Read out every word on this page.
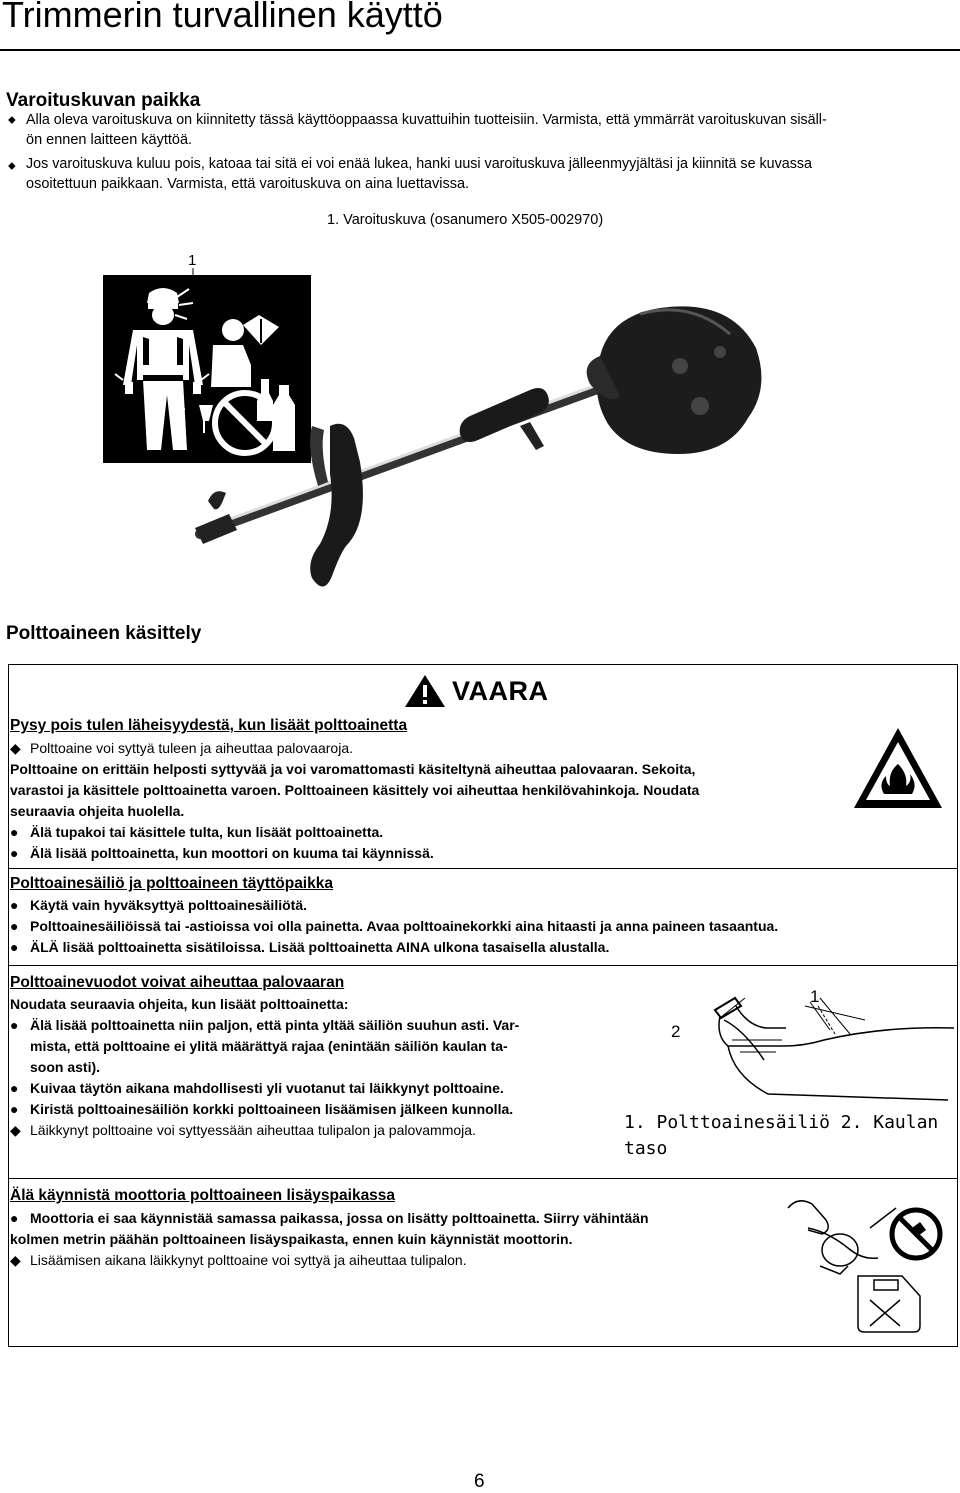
Trimmerin turvallinen käyttö
Varoituskuvan paikka
⬥ Alla oleva varoituskuva on kiinnitetty tässä käyttöoppaassa kuvattuihin tuotteisiin. Varmista, että ymmärrät varoituskuvan sisäll-
ön ennen laitteen käyttöä.
⬥ Jos varoituskuva kuluu pois, katoaa tai sitä ei voi enää lukea, hanki uusi varoituskuva jälleenmyyjältäsi ja kiinnitä se kuvassa
osoitettuun paikkaan. Varmista, että varoituskuva on aina luettavissa.
1. Varoituskuva (osanumero X505-002970)
1
Polttoaineen käsittely
VAARA
Pysy pois tulen läheisyydestä, kun lisäät polttoainetta
◆ Polttoaine voi syttyä tuleen ja aiheuttaa palovaaroja.
Polttoaine on erittäin helposti syttyvää ja voi varomattomasti käsiteltynä aiheuttaa palovaaran. Sekoita,
varastoi ja käsittele polttoainetta varoen. Polttoaineen käsittely voi aiheuttaa henkilövahinkoja. Noudata
seuraavia ohjeita huolella.
● Älä tupakoi tai käsittele tulta, kun lisäät polttoainetta.
● Älä lisää polttoainetta, kun moottori on kuuma tai käynnissä.
Polttoainesäiliö ja polttoaineen täyttöpaikka
● Käytä vain hyväksyttyä polttoainesäiliötä.
● Polttoainesäiliöissä tai -astioissa voi olla painetta. Avaa polttoainekorkki aina hitaasti ja anna paineen tasaantua.
● ÄLÄ lisää polttoainetta sisätiloissa. Lisää polttoainetta AINA ulkona tasaisella alustalla.
Polttoainevuodot voivat aiheuttaa palovaaran
Noudata seuraavia ohjeita, kun lisäät polttoainetta:
● Älä lisää polttoainetta niin paljon, että pinta yltää säiliön suuhun asti. Var-
mista, että polttoaine ei ylitä määrättyä rajaa (enintään säiliön kaulan ta-
soon asti).
● Kuivaa täytön aikana mahdollisesti yli vuotanut tai läikkynyt polttoaine.
● Kiristä polttoainesäiliön korkki polttoaineen lisäämisen jälkeen kunnolla.
◆ Läikkynyt polttoaine voi syttyessään aiheuttaa tulipalon ja palovammoja.
1
2
1. Polttoainesäiliö 2. Kaulan
taso
Älä käynnistä moottoria polttoaineen lisäyspaikassa
● Moottoria ei saa käynnistää samassa paikassa, jossa on lisätty polttoainetta. Siirry vähintään
kolmen metrin päähän polttoaineen lisäyspaikasta, ennen kuin käynnistät moottorin.
◆ Lisäämisen aikana läikkynyt polttoaine voi syttyä ja aiheuttaa tulipalon.
6
